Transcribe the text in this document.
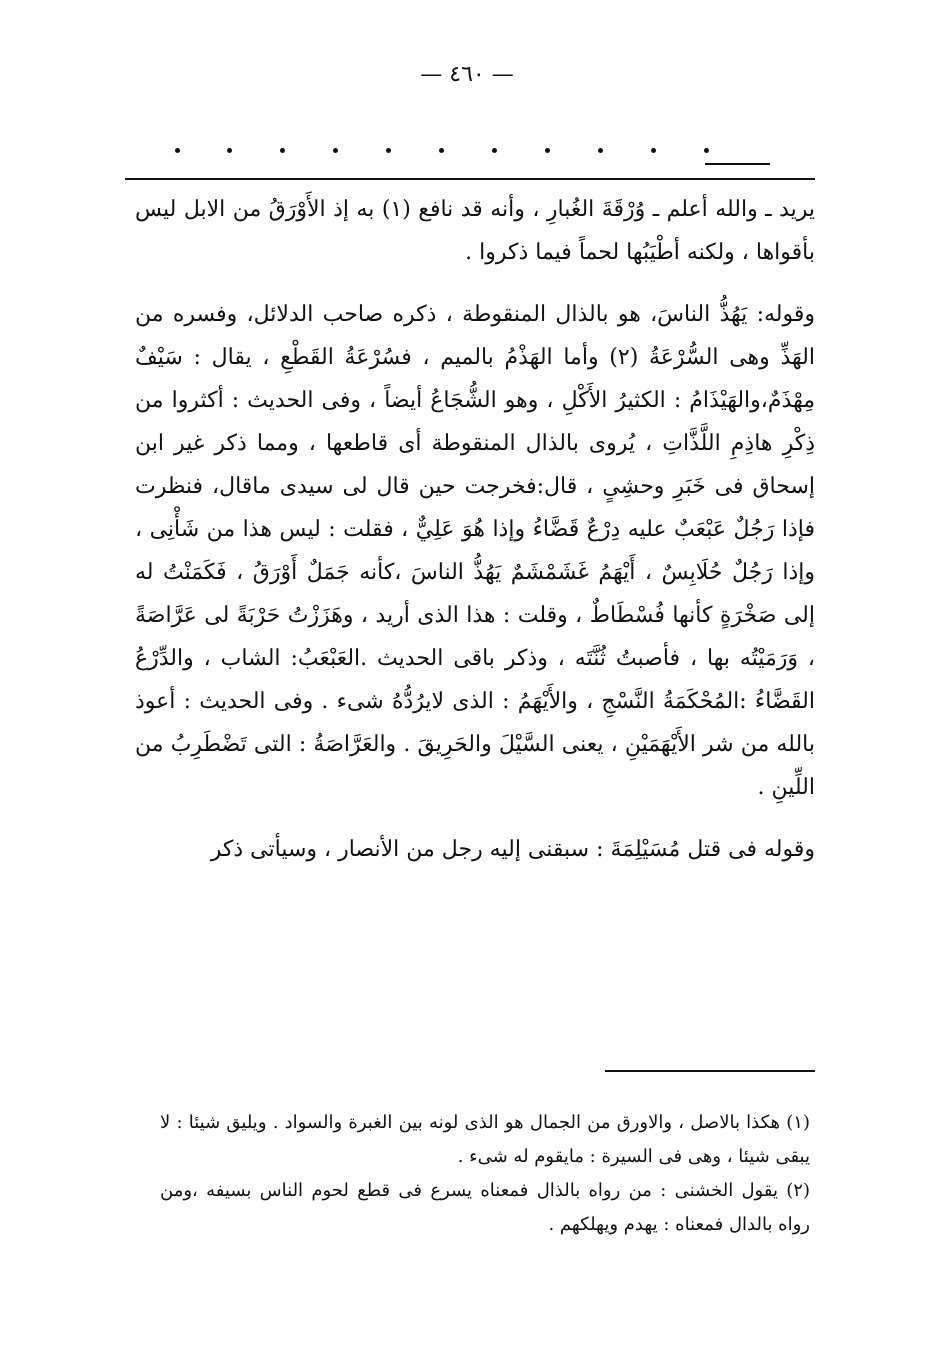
— ٤٦٠ —

يريد ـ والله أعلم ـ وُرْقَةَ الغُبارِ ، وأنه قد نافع (١) به إذ الأَوْرَقُ من الابل ليس بأقواها ، ولكنه أطْيَبُها لحماً فيما ذكروا .

وقوله: يَهُذُّ الناسَ، هو بالذال المنقوطة ، ذكره صاحب الدلائل، وفسره من الهَذِّ وهى السُّرْعَةُ (٢) وأما الهَذْمُ بالميم ، فسُرْعَةُ القَطْعِ ، يقال : سَيْفٌ مِهْذَمٌ،والهَيْذَامُ : الكثيرُ الأَكْلِ ، وهو الشُّجَاعُ أيضاً ، وفى الحديث : أكثروا من ذِكْرِ هاذِمِ اللَّذَّاتِ ، يُروى بالذال المنقوطة أى قاطعها ، ومما ذكر غير ابن إسحاق فى خَبَرِ وحشِىٍ ، قال:فخرجت حين قال لى سيدى ماقال، فنظرت فإذا رَجُلٌ عَبْعَبٌ عليه دِرْعٌ قَضَّاءُ وإذا هُوَ عَلِيٌّ ، فقلت : ليس هذا من شَأْنِى ، وإذا رَجُلٌ حُلَابِسٌ ، أَيْهَمُ غَشَمْشَمٌ يَهُذُّ الناسَ ،كأنه جَمَلٌ أَوْرَقُ ، فَكَمَنْتُ له إلى صَخْرَةٍ كأنها فُسْطَاطٌ ، وقلت : هذا الذى أريد ، وهَزَزْتُ حَرْبَةً لى عَرَّاصَةً ، وَرَمَيْتُه بها ، فأصبتُ ثُنَّتَه ، وذكر باقى الحديث .العَبْعَبُ: الشاب ، والدِّرْعُ القَضَّاءُ :المُحْكَمَةُ النَّسْجِ ، والأَيْهَمُ : الذى لايرُدُّهُ شىء . وفى الحديث : أعوذ بالله من شر الأَيْهَمَيْنِ ، يعنى السَّيْلَ والحَرِيقَ . والعَرَّاصَةُ : التى تَضْطَرِبُ من اللِّينِ .

وقوله فى قتل مُسَيْلِمَةَ : سبقنى إليه رجل من الأنصار ، وسيأتى ذكر

(١) هكذا بالاصل ، والاورق من الجمال هو الذى لونه بين الغبرة والسواد . ويليق شيئا : لا يبقى شيئا ، وهى فى السيرة : مايقوم له شىء .

(٢) يقول الخشنى : من رواه بالذال فمعناه يسرع فى قطع لحوم الناس بسيفه ،ومن رواه بالدال فمعناه : يهدم ويهلكهم .
